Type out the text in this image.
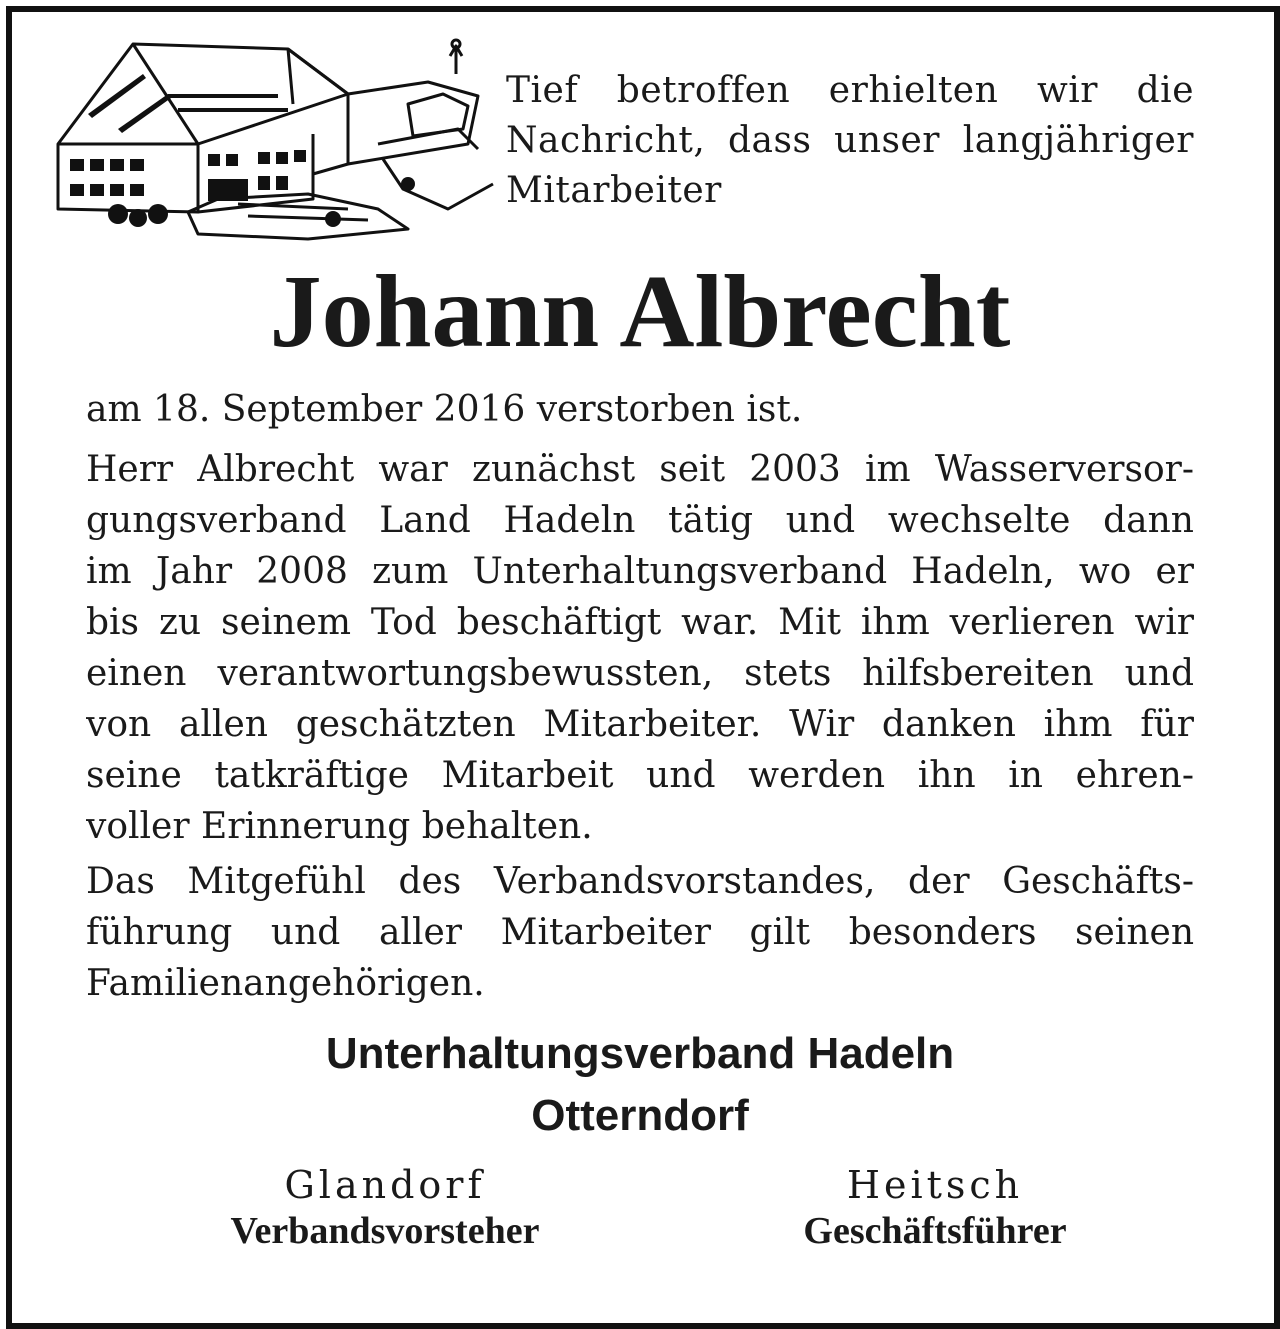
Tief betroffen erhielten wir die
Nachricht, dass unser langjähriger
Mitarbeiter
Johann Albrecht
am 18. September 2016 verstorben ist.
Herr Albrecht war zunächst seit 2003 im Wasserversor-
gungsverband Land Hadeln tätig und wechselte dann
im Jahr 2008 zum Unterhaltungsverband Hadeln, wo er
bis zu seinem Tod beschäftigt war. Mit ihm verlieren wir
einen verantwortungsbewussten, stets hilfsbereiten und
von allen geschätzten Mitarbeiter. Wir danken ihm für
seine tatkräftige Mitarbeit und werden ihn in ehren-
voller Erinnerung behalten.
Das Mitgefühl des Verbandsvorstandes, der Geschäfts-
führung und aller Mitarbeiter gilt besonders seinen
Familienangehörigen.
Unterhaltungsverband Hadeln
Otterndorf
Glandorf
Verbandsvorsteher
Heitsch
Geschäftsführer
